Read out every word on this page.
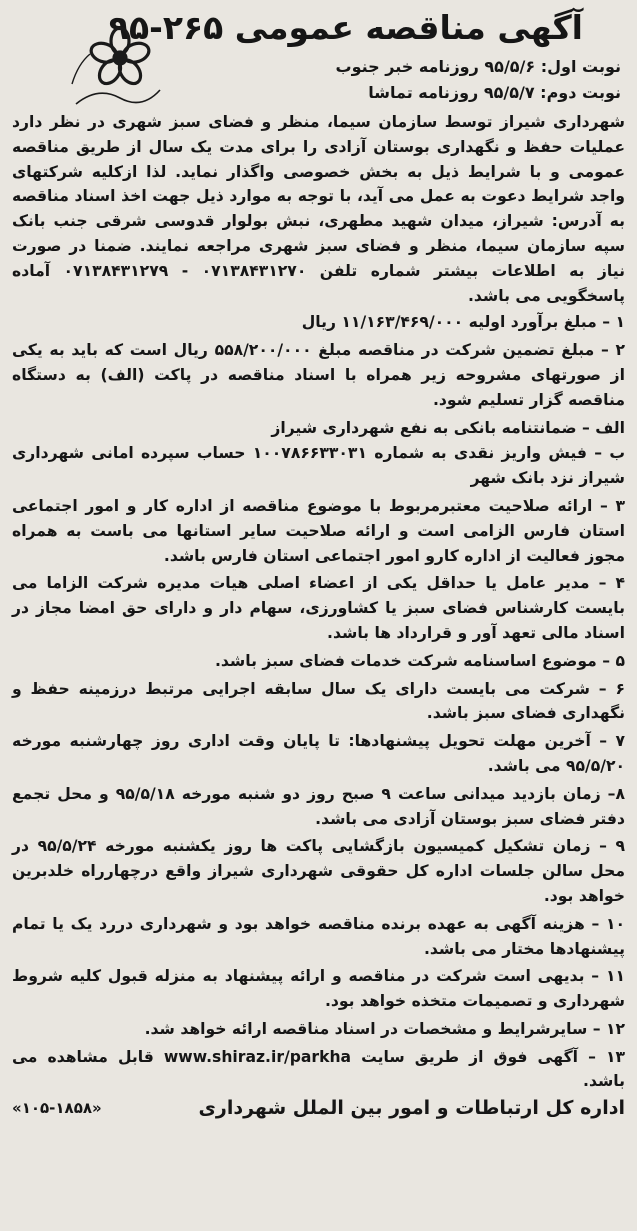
آگهی مناقصه عمومی ۲۶۵-۹۵
نوبت اول: ۹۵/۵/۶ روزنامه خبر جنوب
نوبت دوم: ۹۵/۵/۷ روزنامه تماشا

شهرداری شیراز توسط سازمان سیما، منظر و فضای سبز شهری در نظر دارد عملیات حفظ و نگهداری بوستان آزادی را برای مدت یک سال از طریق مناقصه عمومی و با شرایط ذیل به بخش خصوصی واگذار نماید. لذا ازکلیه شرکتهای واجد شرایط دعوت به عمل می آید، با توجه به موارد ذیل جهت اخذ اسناد مناقصه به آدرس: شیراز، میدان شهید مطهری، نبش بولوار قدوسی شرقی جنب بانک سپه سازمان سیما، منظر و فضای سبز شهری مراجعه نمایند. ضمنا در صورت نیاز به اطلاعات بیشتر شماره تلفن ۰۷۱۳۸۴۳۱۲۷۰ - ۰۷۱۳۸۴۳۱۲۷۹ آماده پاسخگویی می باشد.

۱ – مبلغ برآورد اولیه ۱۱/۱۶۳/۴۶۹/۰۰۰ ریال

۲ – مبلغ تضمین شرکت در مناقصه مبلغ ۵۵۸/۲۰۰/۰۰۰ ریال است که باید به یکی از صورتهای مشروحه زیر همراه با اسناد مناقصه در پاکت (الف) به دستگاه مناقصه گزار تسلیم شود.

الف – ضمانتنامه بانکی به نفع شهرداری شیراز

ب – فیش واریز نقدی به شماره ۱۰۰۷۸۶۶۳۳۰۳۱ حساب سپرده امانی شهرداری شیراز نزد بانک شهر

۳ – ارائه صلاحیت معتبرمربوط با موضوع مناقصه از اداره کار و امور اجتماعی استان فارس الزامی است و ارائه صلاحیت سایر استانها می باست به همراه مجوز فعالیت از اداره کارو امور اجتماعی استان فارس باشد.

۴ – مدیر عامل یا حداقل یکی از اعضاء اصلی هیات مدیره شرکت الزاما می بایست کارشناس فضای سبز یا کشاورزی، سهام دار و دارای حق امضا مجاز در اسناد مالی تعهد آور و قرارداد ها باشد.

۵ – موضوع اساسنامه شرکت خدمات فضای سبز باشد.

۶ – شرکت می بایست دارای یک سال سابقه اجرایی مرتبط درزمینه حفظ و نگهداری فضای سبز باشد.

۷ – آخرین مهلت تحویل پیشنهادها: تا پایان وقت اداری روز چهارشنبه مورخه ۹۵/۵/۲۰ می باشد.

۸– زمان بازدید میدانی ساعت ۹ صبح روز دو شنبه مورخه ۹۵/۵/۱۸ و محل تجمع دفتر فضای سبز بوستان آزادی می باشد.

۹ – زمان تشکیل کمیسیون بازگشایی پاکت ها روز یکشنبه مورخه ۹۵/۵/۲۴ در محل سالن جلسات اداره کل حقوقی شهرداری شیراز واقع درچهارراه خلدبرین خواهد بود.

۱۰ – هزینه آگهی به عهده برنده مناقصه خواهد بود و شهرداری دررد یک یا تمام پیشنهادها مختار می باشد.

۱۱ – بدیهی است شرکت در مناقصه و ارائه پیشنهاد به منزله قبول کلیه شروط شهرداری و تصمیمات متخذه خواهد بود.

۱۲ – سایرشرایط و مشخصات در اسناد مناقصه ارائه خواهد شد.

۱۳ – آگهی فوق از طریق سایت www.shiraz.ir/parkha قابل مشاهده می باشد.

اداره کل ارتباطات و امور بین الملل شهرداری
«۱۰۵-۱۸۵۸»
